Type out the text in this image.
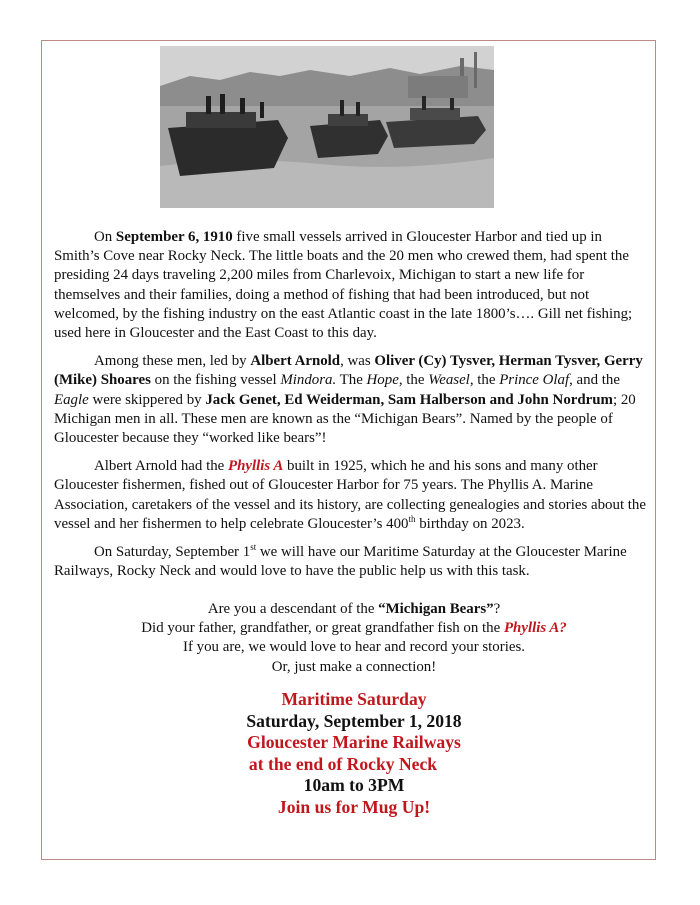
On September 6, 1910 five small vessels arrived in Gloucester Harbor and tied up in Smith’s Cove near Rocky Neck. The little boats and the 20 men who crewed them, had spent the presiding 24 days traveling 2,200 miles from Charlevoix, Michigan to start a new life for themselves and their families, doing a method of fishing that had been introduced, but not welcomed, by the fishing industry on the east Atlantic coast in the late 1800’s…. Gill net fishing; used here in Gloucester and the East Coast to this day.

Among these men, led by Albert Arnold, was Oliver (Cy) Tysver, Herman Tysver, Gerry (Mike) Shoares on the fishing vessel Mindora. The Hope, the Weasel, the Prince Olaf, and the Eagle were skippered by Jack Genet, Ed Weiderman, Sam Halberson and John Nordrum; 20 Michigan men in all. These men are known as the “Michigan Bears”. Named by the people of Gloucester because they “worked like bears”!

Albert Arnold had the Phyllis A built in 1925, which he and his sons and many other Gloucester fishermen, fished out of Gloucester Harbor for 75 years. The Phyllis A. Marine Association, caretakers of the vessel and its history, are collecting genealogies and stories about the vessel and her fishermen to help celebrate Gloucester’s 400th birthday on 2023.

On Saturday, September 1st we will have our Maritime Saturday at the Gloucester Marine Railways, Rocky Neck and would love to have the public help us with this task.

Are you a descendant of the “Michigan Bears”?
Did your father, grandfather, or great grandfather fish on the Phyllis A?
If you are, we would love to hear and record your stories.
Or, just make a connection!
Maritime Saturday
Saturday, September 1, 2018
Gloucester Marine Railways
at the end of Rocky Neck
10am to 3PM
Join us for Mug Up!
